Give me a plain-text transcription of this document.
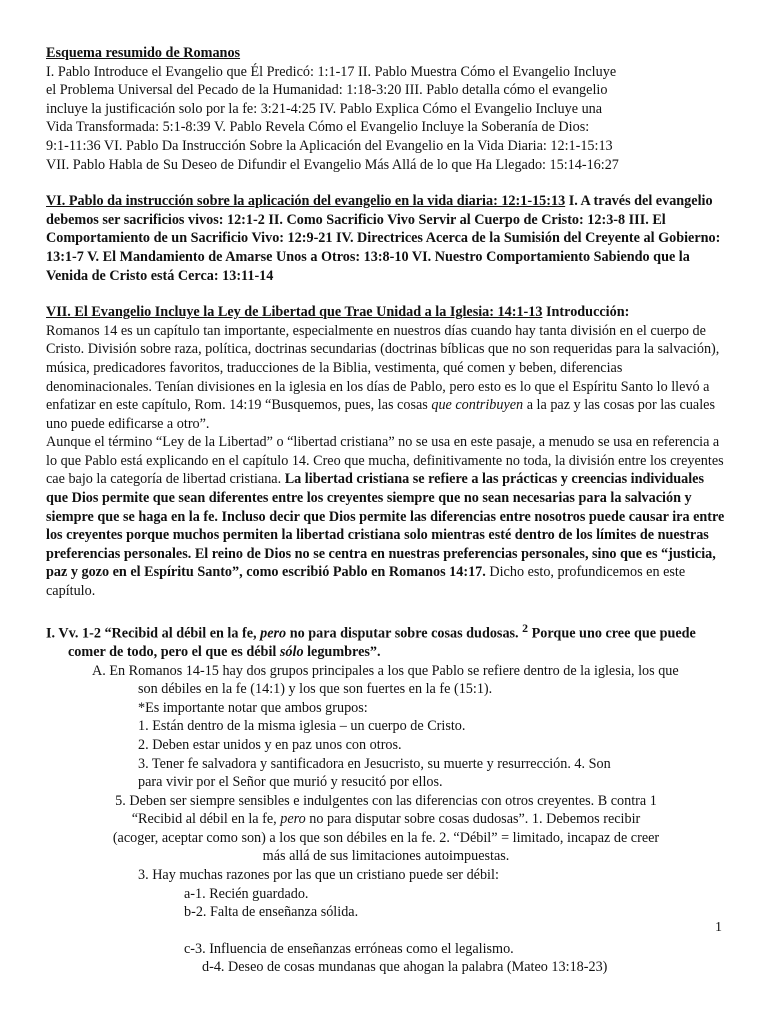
Esquema resumido de Romanos

I. Pablo Introduce el Evangelio que Él Predicó: 1:1-17 II. Pablo Muestra Cómo el Evangelio Incluye

el Problema Universal del Pecado de la Humanidad: 1:18-3:20 III. Pablo detalla cómo el evangelio

incluye la justificación solo por la fe: 3:21-4:25 IV. Pablo Explica Cómo el Evangelio Incluye una

Vida Transformada: 5:1-8:39 V. Pablo Revela Cómo el Evangelio Incluye la Soberanía de Dios:

9:1-11:36 VI. Pablo Da Instrucción Sobre la Aplicación del Evangelio en la Vida Diaria: 12:1-15:13

VII. Pablo Habla de Su Deseo de Difundir el Evangelio Más Allá de lo que Ha Llegado: 15:14-16:27

VI. Pablo da instrucción sobre la aplicación del evangelio en la vida diaria: 12:1-15:13 I. A través del evangelio debemos ser sacrificios vivos: 12:1-2 II. Como Sacrificio Vivo Servir al Cuerpo de Cristo: 12:3-8 III. El Comportamiento de un Sacrificio Vivo: 12:9-21 IV. Directrices Acerca de la Sumisión del Creyente al Gobierno: 13:1-7 V. El Mandamiento de Amarse Unos a Otros: 13:8-10 VI. Nuestro Comportamiento Sabiendo que la Venida de Cristo está Cerca: 13:11-14

VII. El Evangelio Incluye la Ley de Libertad que Trae Unidad a la Iglesia: 14:1-13 Introducción:

Romanos 14 es un capítulo tan importante, especialmente en nuestros días cuando hay tanta división en el cuerpo de Cristo. División sobre raza, política, doctrinas secundarias (doctrinas bíblicas que no son requeridas para la salvación), música, predicadores favoritos, traducciones de la Biblia, vestimenta, qué comen y beben, diferencias denominacionales. Tenían divisiones en la iglesia en los días de Pablo, pero esto es lo que el Espíritu Santo lo llevó a enfatizar en este capítulo, Rom. 14:19 “Busquemos, pues, las cosas que contribuyen a la paz y las cosas por las cuales uno puede edificarse a otro”.

Aunque el término “Ley de la Libertad” o “libertad cristiana” no se usa en este pasaje, a menudo se usa en referencia a lo que Pablo está explicando en el capítulo 14. Creo que mucha, definitivamente no toda, la división entre los creyentes cae bajo la categoría de libertad cristiana. La libertad cristiana se refiere a las prácticas y creencias individuales que Dios permite que sean diferentes entre los creyentes siempre que no sean necesarias para la salvación y siempre que se haga en la fe. Incluso decir que Dios permite las diferencias entre nosotros puede causar ira entre los creyentes porque muchos permiten la libertad cristiana solo mientras esté dentro de los límites de nuestras preferencias personales. El reino de Dios no se centra en nuestras preferencias personales, sino que es “justicia, paz y gozo en el Espíritu Santo”, como escribió Pablo en Romanos 14:17. Dicho esto, profundicemos en este capítulo.

I. Vv. 1-2 “Recibid al débil en la fe, pero no para disputar sobre cosas dudosas. $^2$ Porque uno cree que puede comer de todo, pero el que es débil sólo legumbres”.

A. En Romanos 14-15 hay dos grupos principales a los que Pablo se refiere dentro de la iglesia, los que

son débiles en la fe (14:1) y los que son fuertes en la fe (15:1).

*Es importante notar que ambos grupos:

1. Están dentro de la misma iglesia – un cuerpo de Cristo.

2. Deben estar unidos y en paz unos con otros.

3. Tener fe salvadora y santificadora en Jesucristo, su muerte y resurrección. 4. Son

para vivir por el Señor que murió y resucitó por ellos.

5. Deben ser siempre sensibles e indulgentes con las diferencias con otros creyentes. B contra 1

“Recibid al débil en la fe, pero no para disputar sobre cosas dudosas”. 1. Debemos recibir

(acoger, aceptar como son) a los que son débiles en la fe. 2. “Débil” = limitado, incapaz de creer

más allá de sus limitaciones autoimpuestas.

3. Hay muchas razones por las que un cristiano puede ser débil:

a-1. Recién guardado.

b-2. Falta de enseñanza sólida.

c-3. Influencia de enseñanzas erróneas como el legalismo.

d-4. Deseo de cosas mundanas que ahogan la palabra (Mateo 13:18-23)

1
